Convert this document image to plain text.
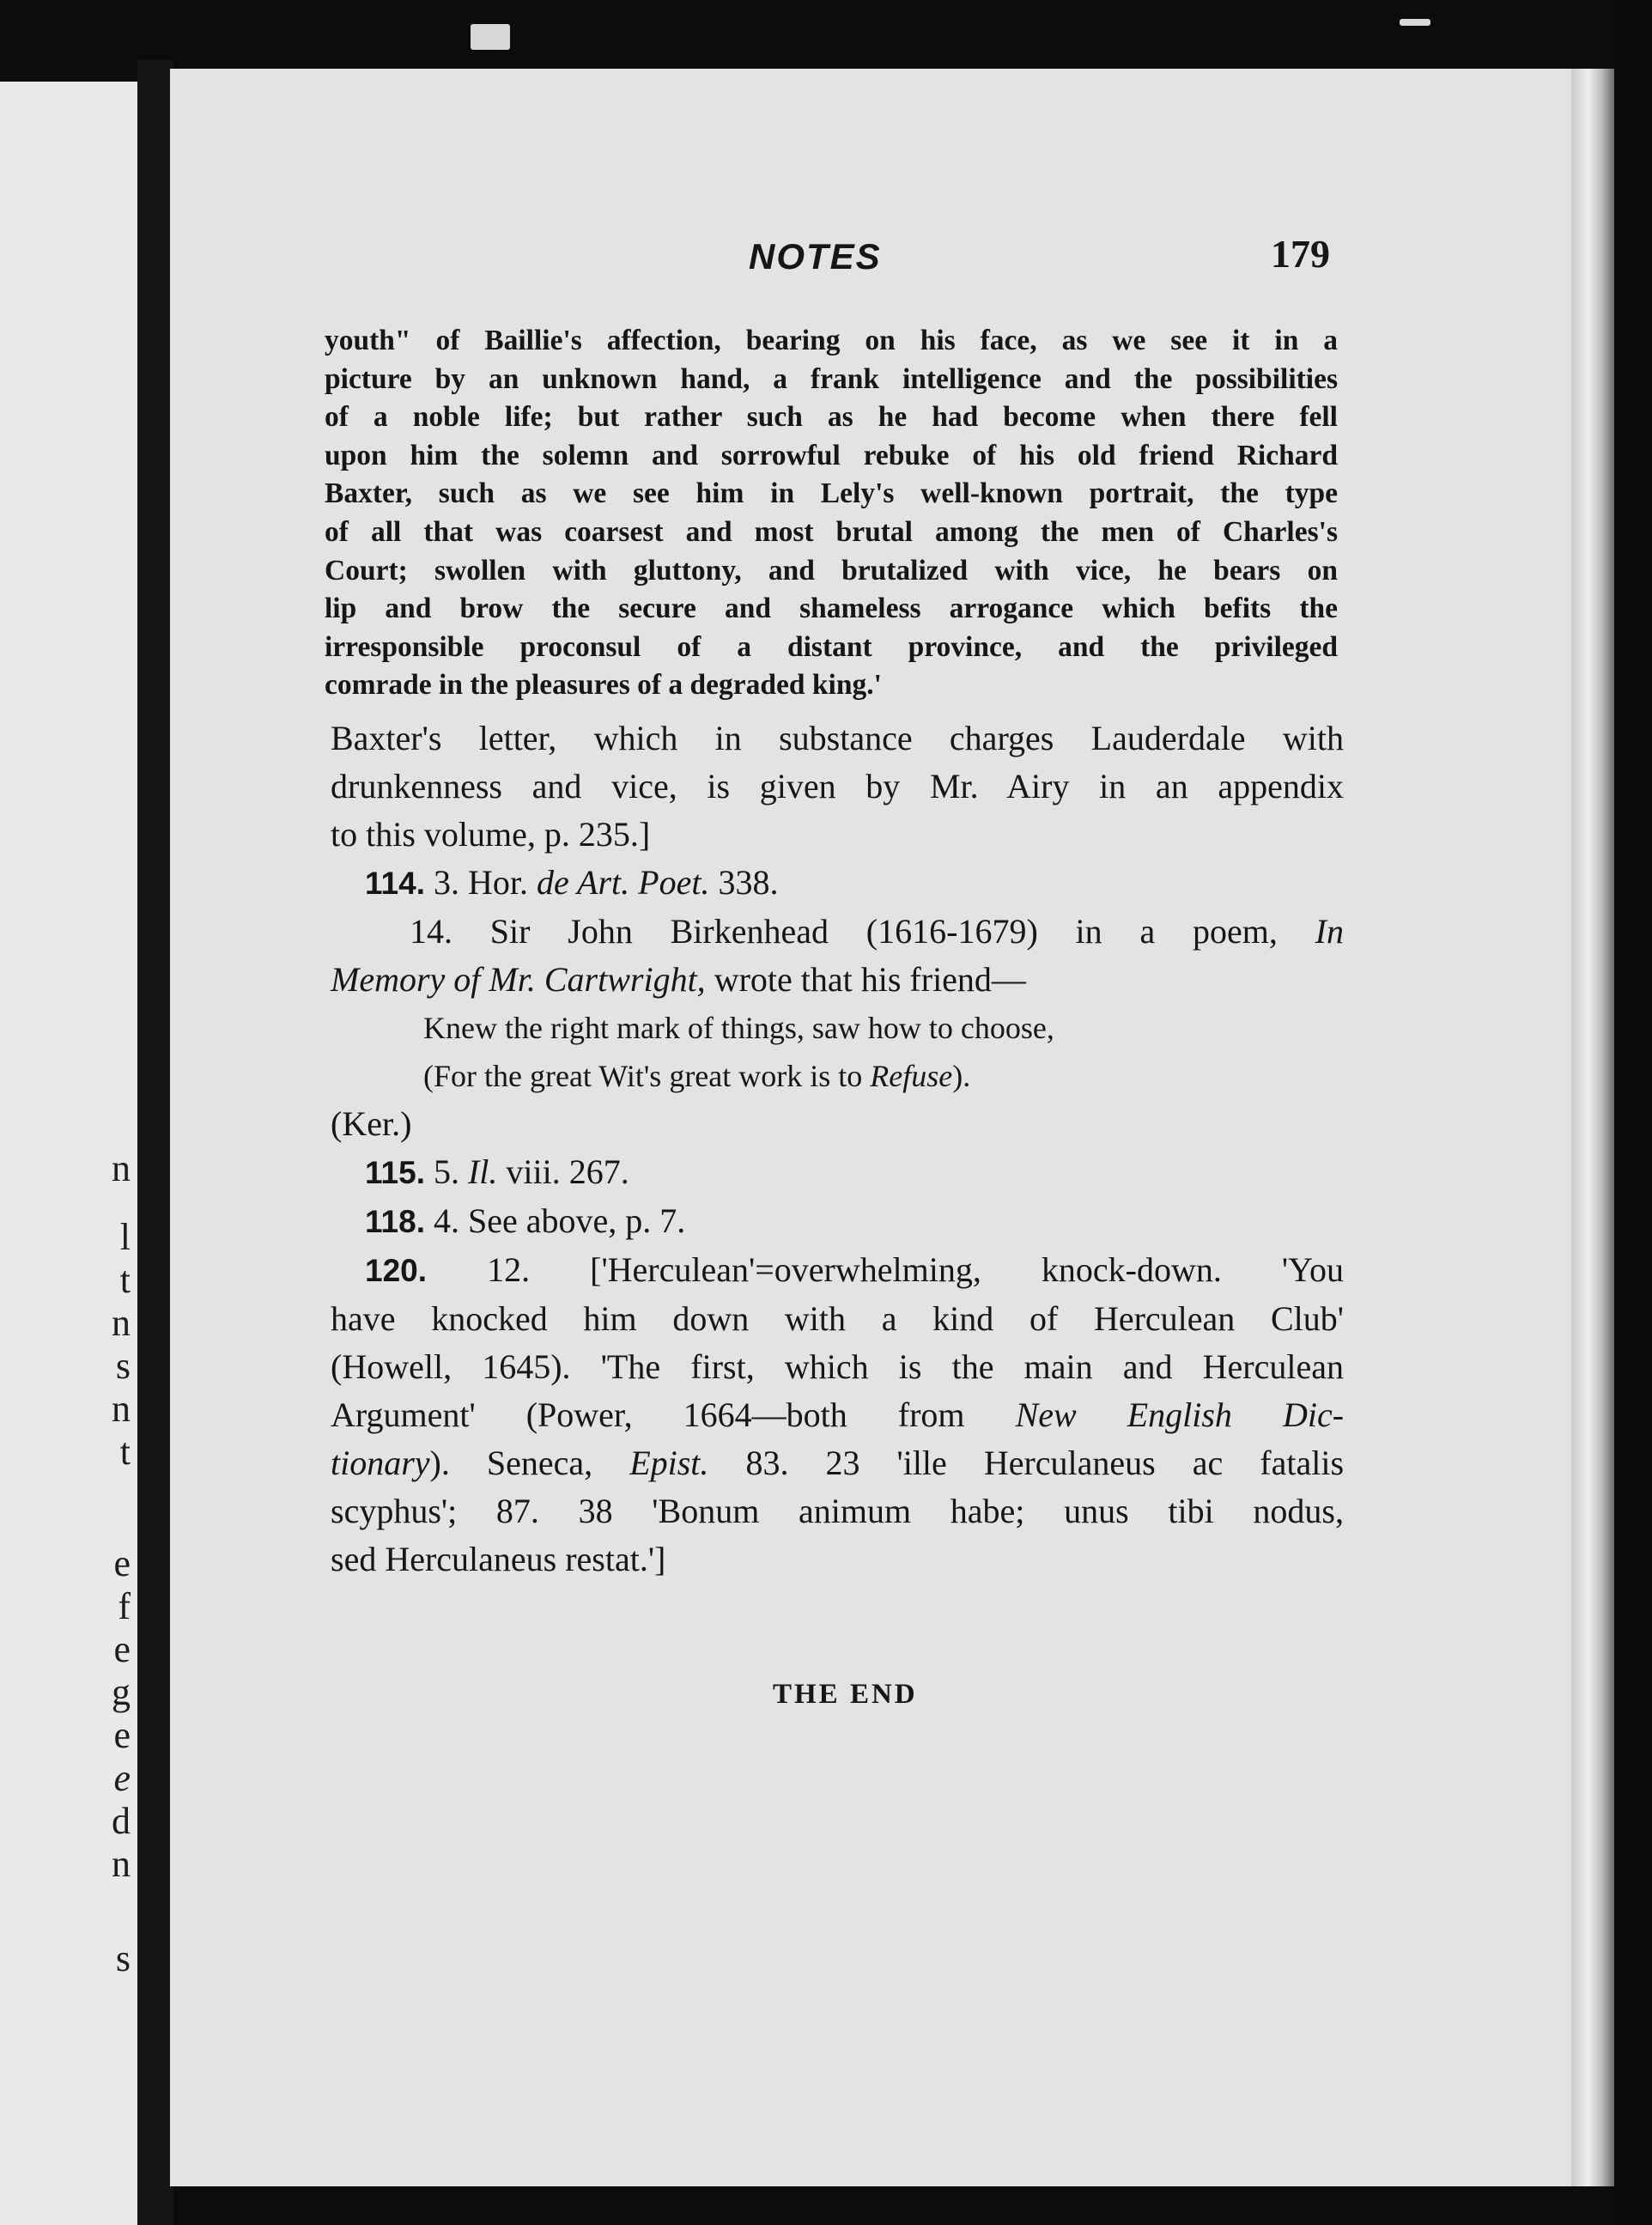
n
l
t
n
s
n
t
e
f
e
g
e
e
d
n
s
NOTES	179
youth" of Baillie's affection, bearing on his face, as we see it in a
picture by an unknown hand, a frank intelligence and the possibilities
of a noble life; but rather such as he had become when there fell
upon him the solemn and sorrowful rebuke of his old friend Richard
Baxter, such as we see him in Lely's well-known portrait, the type
of all that was coarsest and most brutal among the men of Charles's
Court; swollen with gluttony, and brutalized with vice, he bears on
lip and brow the secure and shameless arrogance which befits the
irresponsible proconsul of a distant province, and the privileged
comrade in the pleasures of a degraded king.'
Baxter's letter, which in substance charges Lauderdale with
drunkenness and vice, is given by Mr. Airy in an appendix
to this volume, p. 235.]
114. 3. Hor. de Art. Poet. 338.
14. Sir John Birkenhead (1616-1679) in a poem, In
Memory of Mr. Cartwright, wrote that his friend—
Knew the right mark of things, saw how to choose,
(For the great Wit's great work is to Refuse).
(Ker.)
115. 5. Il. viii. 267.
118. 4. See above, p. 7.
120. 12. ['Herculean'=overwhelming, knock-down. 'You
have knocked him down with a kind of Herculean Club'
(Howell, 1645). 'The first, which is the main and Herculean
Argument' (Power, 1664—both from New English Dic-
tionary). Seneca, Epist. 83. 23 'ille Herculaneus ac fatalis
scyphus'; 87. 38 'Bonum animum habe; unus tibi nodus,
sed Herculaneus restat.']
THE END
